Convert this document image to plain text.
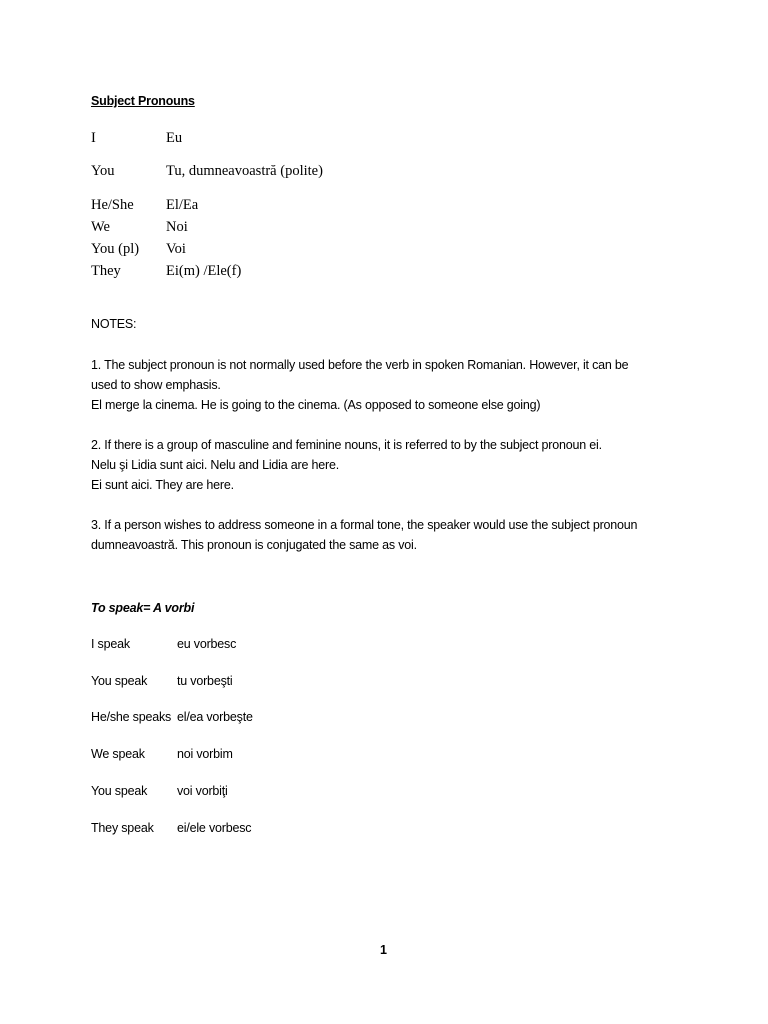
Subject Pronouns
I	Eu
You	Tu, dumneavoastră (polite)
He/She El/Ea
We	Noi
You (pl) Voi
They	Ei(m) /Ele(f)
NOTES:

1. The subject pronoun is not normally used before the verb in spoken Romanian. However, it can be

used to show emphasis.

El merge la cinema. He is going to the cinema. (As opposed to someone else going)

2. If there is a group of masculine and feminine nouns, it is referred to by the subject pronoun ei.

Nelu şi Lidia sunt aici. Nelu and Lidia are here.

Ei sunt aici. They are here.

3. If a person wishes to address someone in a formal tone, the speaker would use the subject pronoun

dumneavoastră. This pronoun is conjugated the same as voi.

To speak= A vorbi
I speak	eu vorbesc
You speak tu vorbeşti
He/she speaks el/ea vorbeşte
We speak	noi vorbim
You speak voi vorbiţi
They speak ei/ele vorbesc
1
